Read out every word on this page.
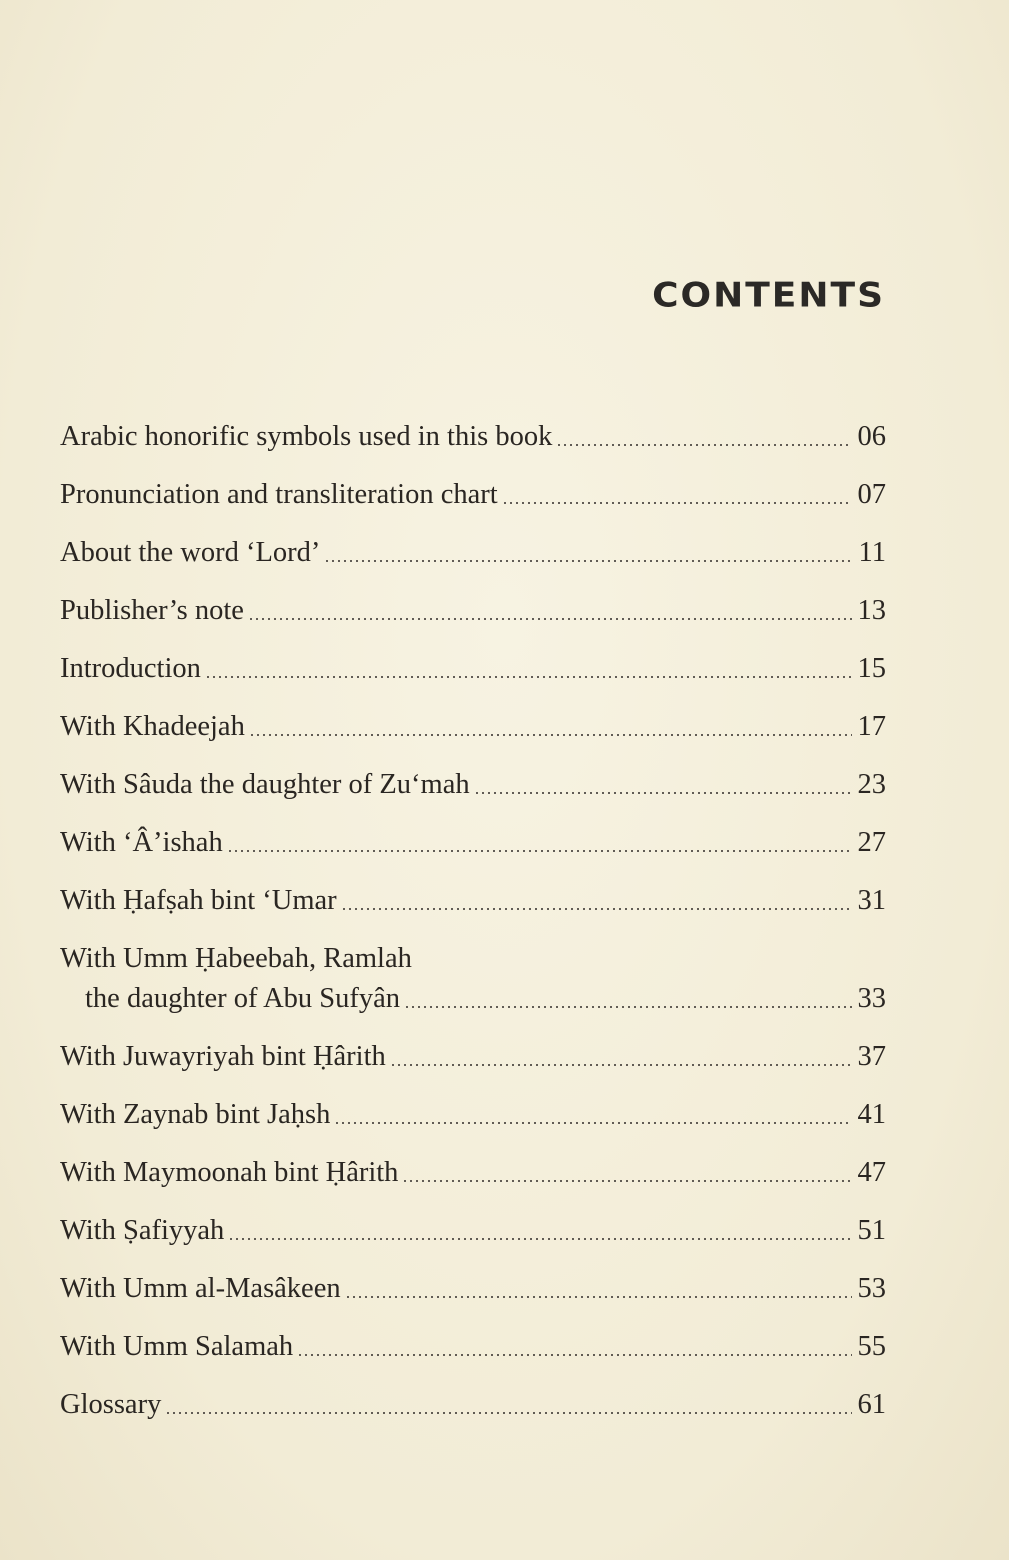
CONTENTS
Arabic honorific symbols used in this book	06
Pronunciation and transliteration chart	07
About the word ‘Lord’	11
Publisher’s note	13
Introduction	15
With Khadeejah	17
With Sâuda the daughter of Zu‘mah	23
With ‘Â’ishah	27
With Ḥafṣah bint ‘Umar	31
With Umm Ḥabeebah, Ramlah
the daughter of Abu Sufyân	33
With Juwayriyah bint Ḥârith	37
With Zaynab bint Jaḥsh	41
With Maymoonah bint Ḥârith	47
With Ṣafiyyah	51
With Umm al-Masâkeen	53
With Umm Salamah	55
Glossary	61
